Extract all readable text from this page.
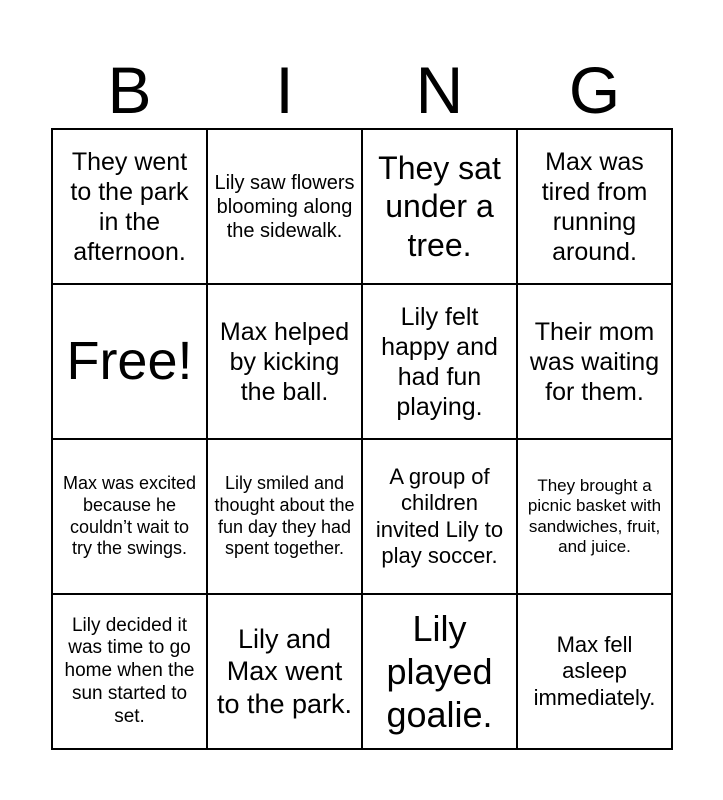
B	I	N	G
They went to the park in the afternoon.	Lily saw flowers blooming along the sidewalk.	They sat under a tree.	Max was tired from running around.
Free!	Max helped by kicking the ball.	Lily felt happy and had fun playing.	Their mom was waiting for them.
Max was excited because he couldn’t wait to try the swings.	Lily smiled and thought about the fun day they had spent together.	A group of children invited Lily to play soccer.	They brought a picnic basket with sandwiches, fruit, and juice.
Lily decided it was time to go home when the sun started to set.	Lily and Max went to the park.	Lily played goalie.	Max fell asleep immediately.
